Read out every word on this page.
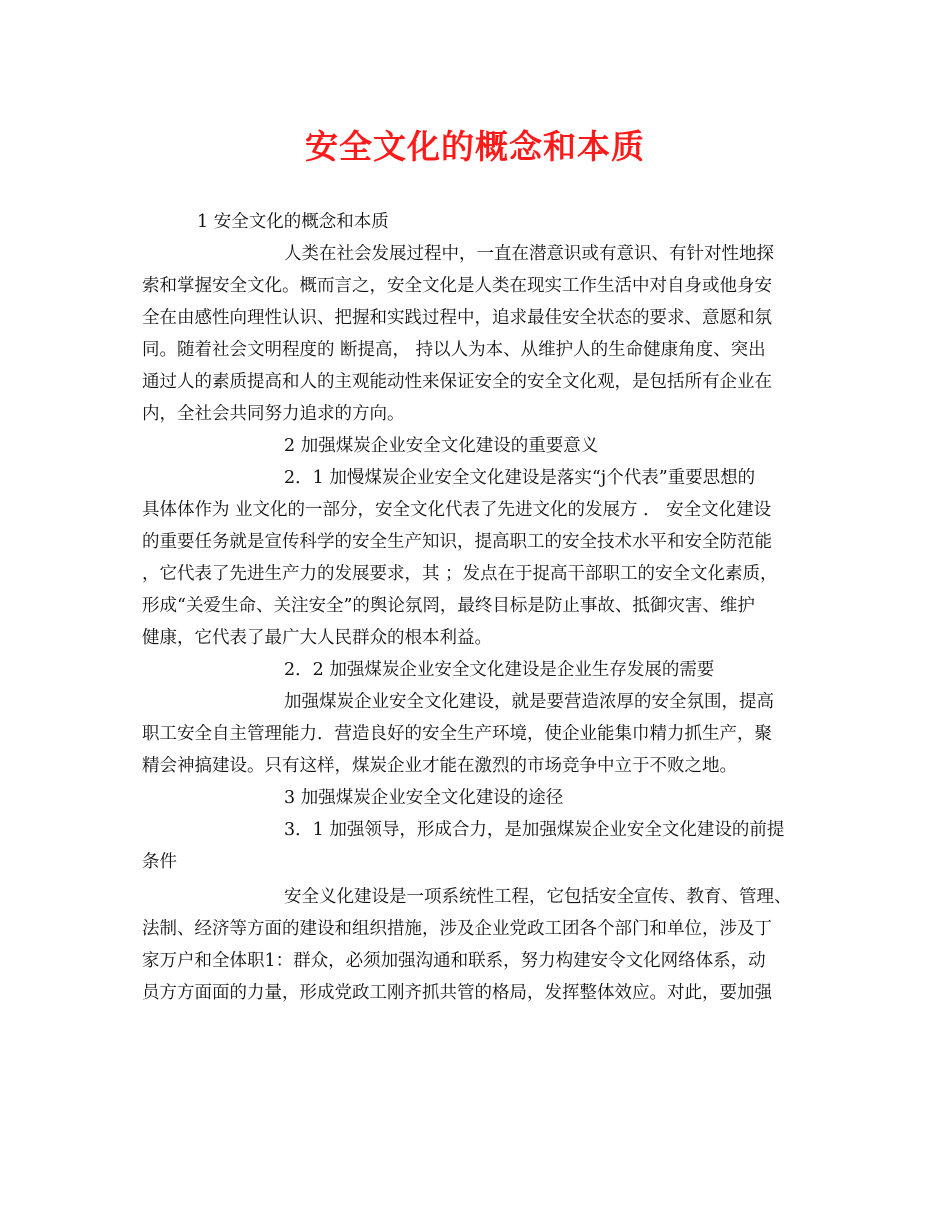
安全文化的概念和本质
1 安全文化的概念和本质
人类在社会发展过程中，一直在潜意识或有意识、有针对性地探
索和掌握安全文化。概而言之，安全文化是人类在现实工作生活中对自身或他身安
全在由感性向理性认识、把握和实践过程中，追求最佳安全状态的要求、意愿和氛
同。随着社会文明程度的 断提高， 持以人为本、从维护人的生命健康角度、突出
通过人的素质提高和人的主观能动性来保证安全的安全文化观，是包括所有企业在
内，全社会共同努力追求的方向。
2 加强煤炭企业安全文化建设的重要意义
2．1 加慢煤炭企业安全文化建设是落实“j个代表”重要思想的
具体体作为 业文化的一部分，安全文化代表了先进文化的发展方 ． 安全文化建设
的重要任务就是宣传科学的安全生产知识，提高职工的安全技术水平和安全防范能
，它代表了先进生产力的发展要求，其 ；发点在于捉高干部职工的安全文化素质，
形成“关爱生命、关注安全”的舆论氛罔，最终目标是防止事故、抵御灾害、维护
健康，它代表了最广大人民群众的根本利益。
2．2 加强煤炭企业安全文化建设是企业生存发展的需要
加强煤炭企业安全文化建设，就是要营造浓厚的安全氛围，提高
职工安全自主管理能力．营造良好的安全生产环境，使企业能集巾精力抓生产，聚
精会神搞建设。只有这样，煤炭企业才能在激烈的市场竞争中立于不败之地。
3 加强煤炭企业安全文化建设的途径
3．1 加强领导，形成合力，是加强煤炭企业安全文化建设的前提
条件
安全义化建设是一项系统性工程，它包括安全宣传、教育、管理、
法制、经济等方面的建设和组织措施，涉及企业党政工团各个部门和单位，涉及丁
家万户和全体职1：群众，必须加强沟通和联系，努力构建安令文化网络体系，动
员方方面面的力量，形成党政工刚齐抓共管的格局，发挥整体效应。对此，要加强
